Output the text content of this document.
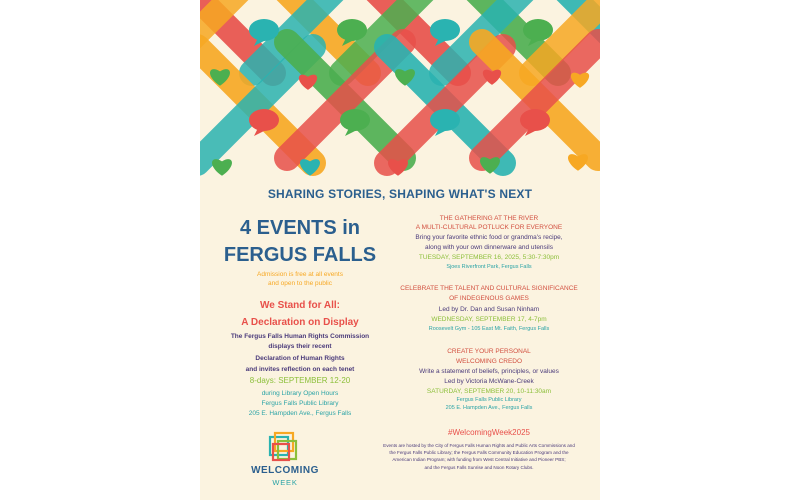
SHARING STORIES, SHAPING WHAT'S NEXT
4 EVENTS in
FERGUS FALLS
Admission is free at all events
and open to the public
We Stand for All:
A Declaration on Display
The Fergus Falls Human Rights Commission
displays their recent
Declaration of Human Rights
and invites reflection on each tenet
8-days: SEPTEMBER 12-20
during Library Open Hours
Fergus Falls Public Library
205 E. Hampden Ave., Fergus Falls
WELCOMING
WEEK
THE GATHERING AT THE RIVER
A MULTI-CULTURAL POTLUCK FOR EVERYONE
Bring your favorite ethnic food or grandma's recipe,
along with your own dinnerware and utensils
TUESDAY, SEPTEMBER 16, 2025, 5:30-7:30pm
Sjoes Riverfront Park, Fergus Falls
CELEBRATE THE TALENT AND CULTURAL SIGNIFICANCE
OF INDEGENOUS GAMES
Led by Dr. Dan and Susan Ninham
WEDNESDAY, SEPTEMBER 17, 4-7pm
Roosevelt Gym - 105 East Mt. Faith, Fergus Falls
CREATE YOUR PERSONAL
WELCOMING CREDO
Write a statement of beliefs, principles, or values
Led by Victoria McWane-Creek
SATURDAY, SEPTEMBER 20, 10-11:30am
Fergus Falls Public Library
205 E. Hampden Ave., Fergus Falls
#WelcomingWeek2025
Events are hosted by the City of Fergus Falls Human Rights and Public Arts Commissions and
the Fergus Falls Public Library; the Fergus Falls Community Education Program and the
American Indian Program; with funding from West Central Initiative and Pioneer PBS;
and the Fergus Falls Sunrise and Noon Rotary Clubs.
